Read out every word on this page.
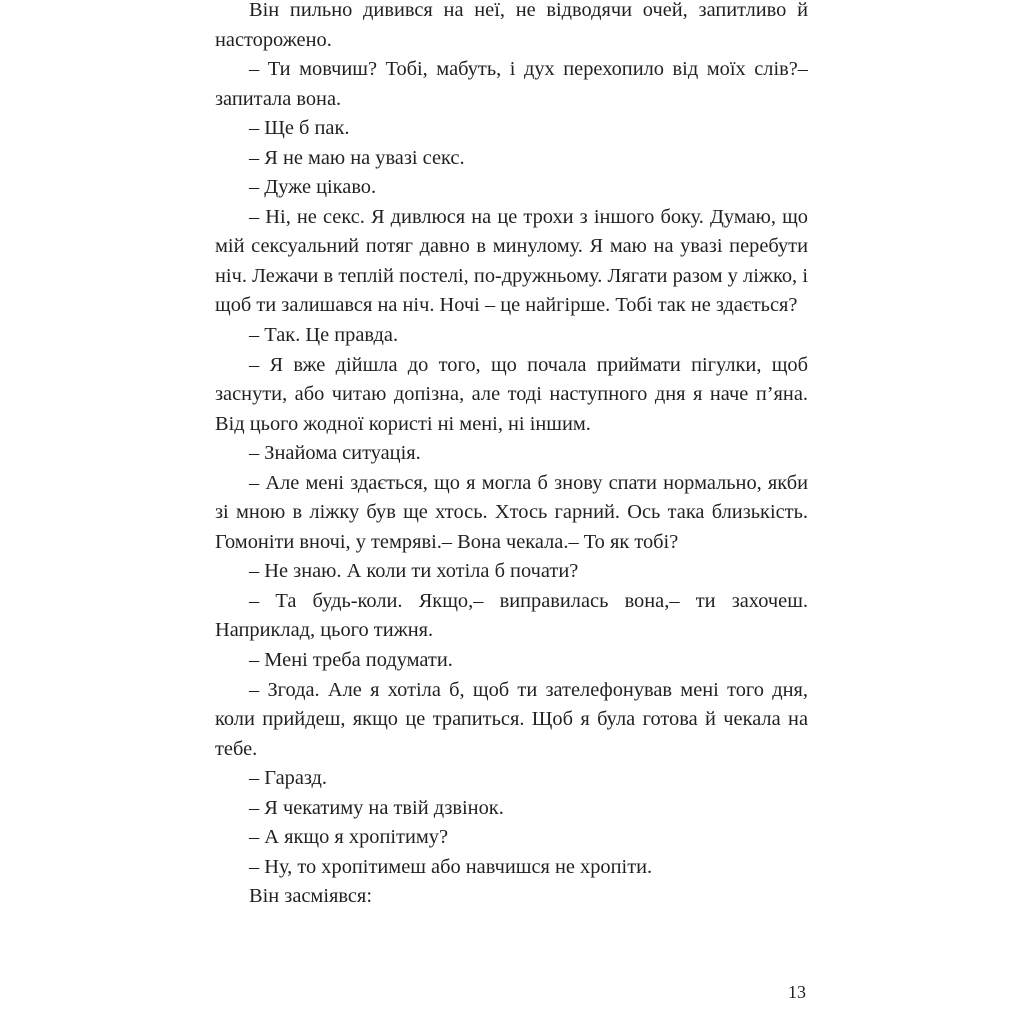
Він пильно дивився на неї, не відводячи очей, запитливо й насторожено.

– Ти мовчиш? Тобі, мабуть, і дух перехопило від моїх слів?– запитала вона.

– Ще б пак.

– Я не маю на увазі секс.

– Дуже цікаво.

– Ні, не секс. Я дивлюся на це трохи з іншого боку. Думаю, що мій сексуальний потяг давно в минулому. Я маю на увазі перебути ніч. Лежачи в теплій постелі, по-дружньому. Лягати разом у ліжко, і щоб ти залишався на ніч. Ночі – це найгірше. Тобі так не здається?

– Так. Це правда.

– Я вже дійшла до того, що почала приймати пігулки, щоб заснути, або читаю допізна, але тоді наступного дня я наче п’яна. Від цього жодної користі ні мені, ні іншим.

– Знайома ситуація.

– Але мені здається, що я могла б знову спати нормально, якби зі мною в ліжку був ще хтось. Хтось гарний. Ось така близькість. Гомоніти вночі, у темряві.– Вона чекала.– То як тобі?

– Не знаю. А коли ти хотіла б почати?

– Та будь-коли. Якщо,– виправилась вона,– ти захочеш. Наприклад, цього тижня.

– Мені треба подумати.

– Згода. Але я хотіла б, щоб ти зателефонував мені того дня, коли прийдеш, якщо це трапиться. Щоб я була готова й чекала на тебе.

– Гаразд.

– Я чекатиму на твій дзвінок.

– А якщо я хропітиму?

– Ну, то хропітимеш або навчишся не хропіти.

Він засміявся:

13
